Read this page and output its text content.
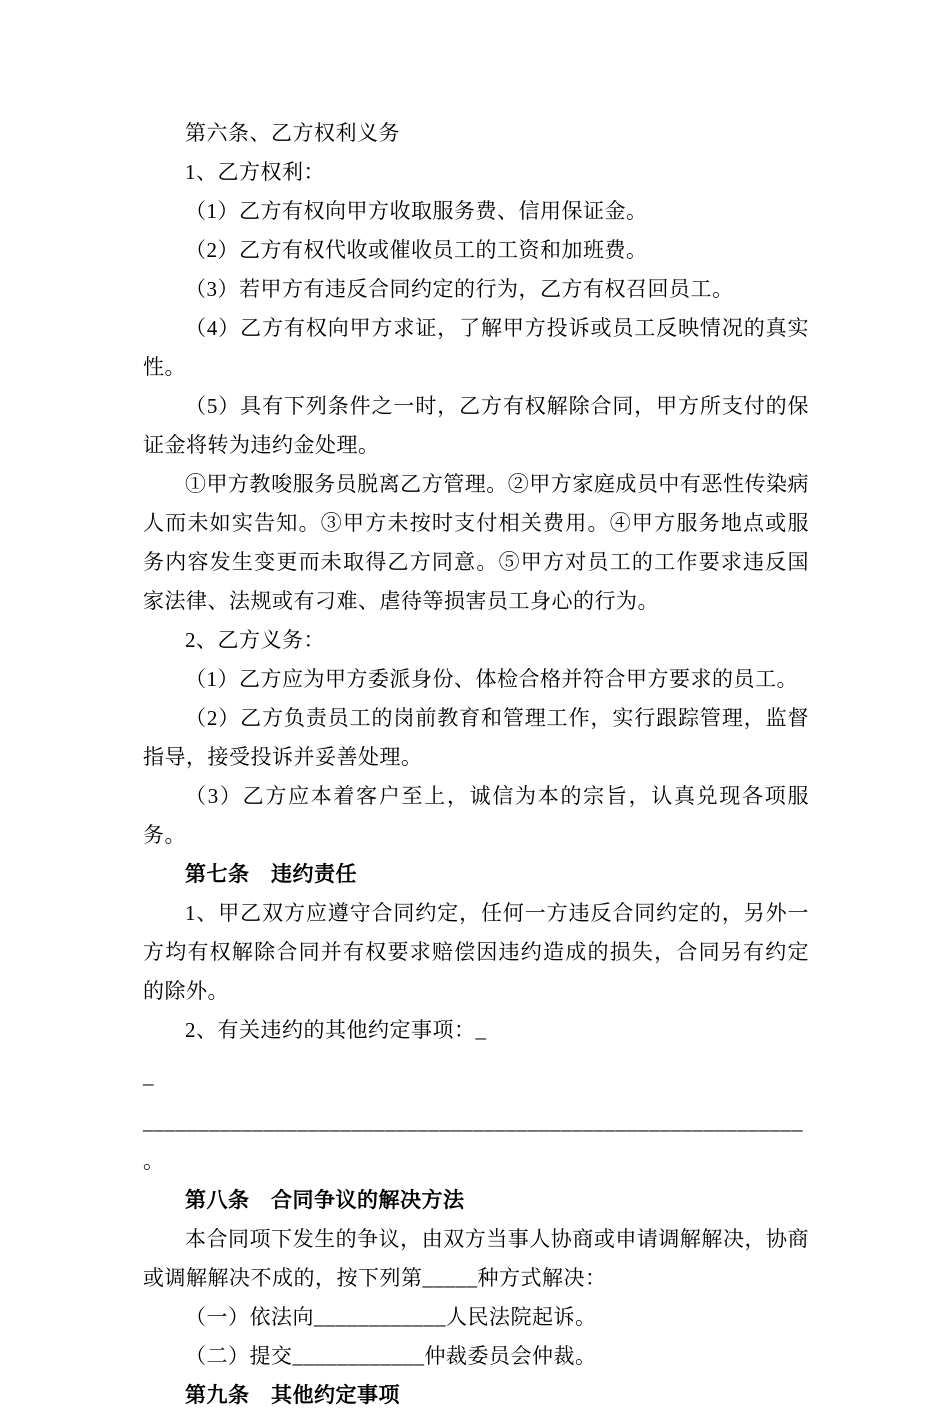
第六条、乙方权利义务

1、乙方权利：

（1）乙方有权向甲方收取服务费、信用保证金。

（2）乙方有权代收或催收员工的工资和加班费。

（3）若甲方有违反合同约定的行为，乙方有权召回员工。

（4）乙方有权向甲方求证，了解甲方投诉或员工反映情况的真实性。

（5）具有下列条件之一时，乙方有权解除合同，甲方所支付的保证金将转为违约金处理。

①甲方教唆服务员脱离乙方管理。②甲方家庭成员中有恶性传染病人而未如实告知。③甲方未按时支付相关费用。④甲方服务地点或服务内容发生变更而未取得乙方同意。⑤甲方对员工的工作要求违反国家法律、法规或有刁难、虐待等损害员工身心的行为。

2、乙方义务：

（1）乙方应为甲方委派身份、体检合格并符合甲方要求的员工。

（2）乙方负责员工的岗前教育和管理工作，实行跟踪管理，监督指导，接受投诉并妥善处理。

（3）乙方应本着客户至上，诚信为本的宗旨，认真兑现各项服务。

第七条　违约责任

1、甲乙双方应遵守合同约定，任何一方违反合同约定的，另外一方均有权解除合同并有权要求赔偿因违约造成的损失，合同另有约定的除外。

2、有关违约的其他约定事项：_

_

____________________________________________________________ 。

第八条　合同争议的解决方法

本合同项下发生的争议，由双方当事人协商或申请调解解决，协商或调解解决不成的，按下列第_____种方式解决：

（一）依法向____________人民法院起诉。

（二）提交____________仲裁委员会仲裁。

第九条　其他约定事项
